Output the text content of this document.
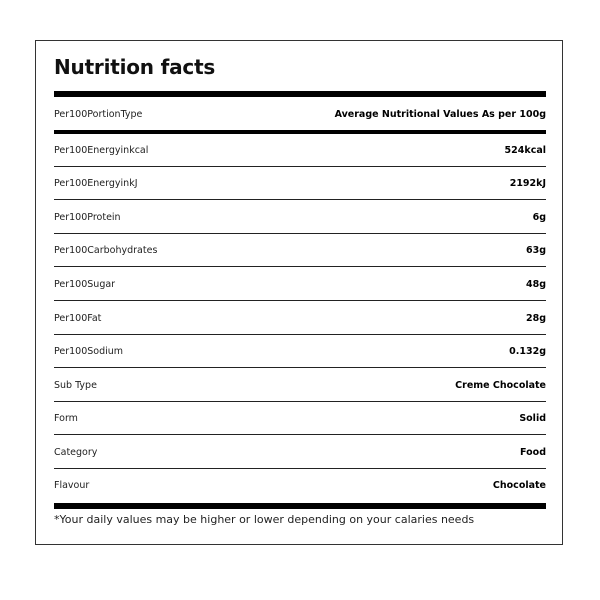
Nutrition facts
Per100PortionType	Average Nutritional Values As per 100g
Per100Energyinkcal	524kcal
Per100EnergyinkJ	2192kJ
Per100Protein	6g
Per100Carbohydrates	63g
Per100Sugar	48g
Per100Fat	28g
Per100Sodium	0.132g
Sub Type	Creme Chocolate
Form	Solid
Category	Food
Flavour	Chocolate
*Your daily values may be higher or lower depending on your calaries needs
